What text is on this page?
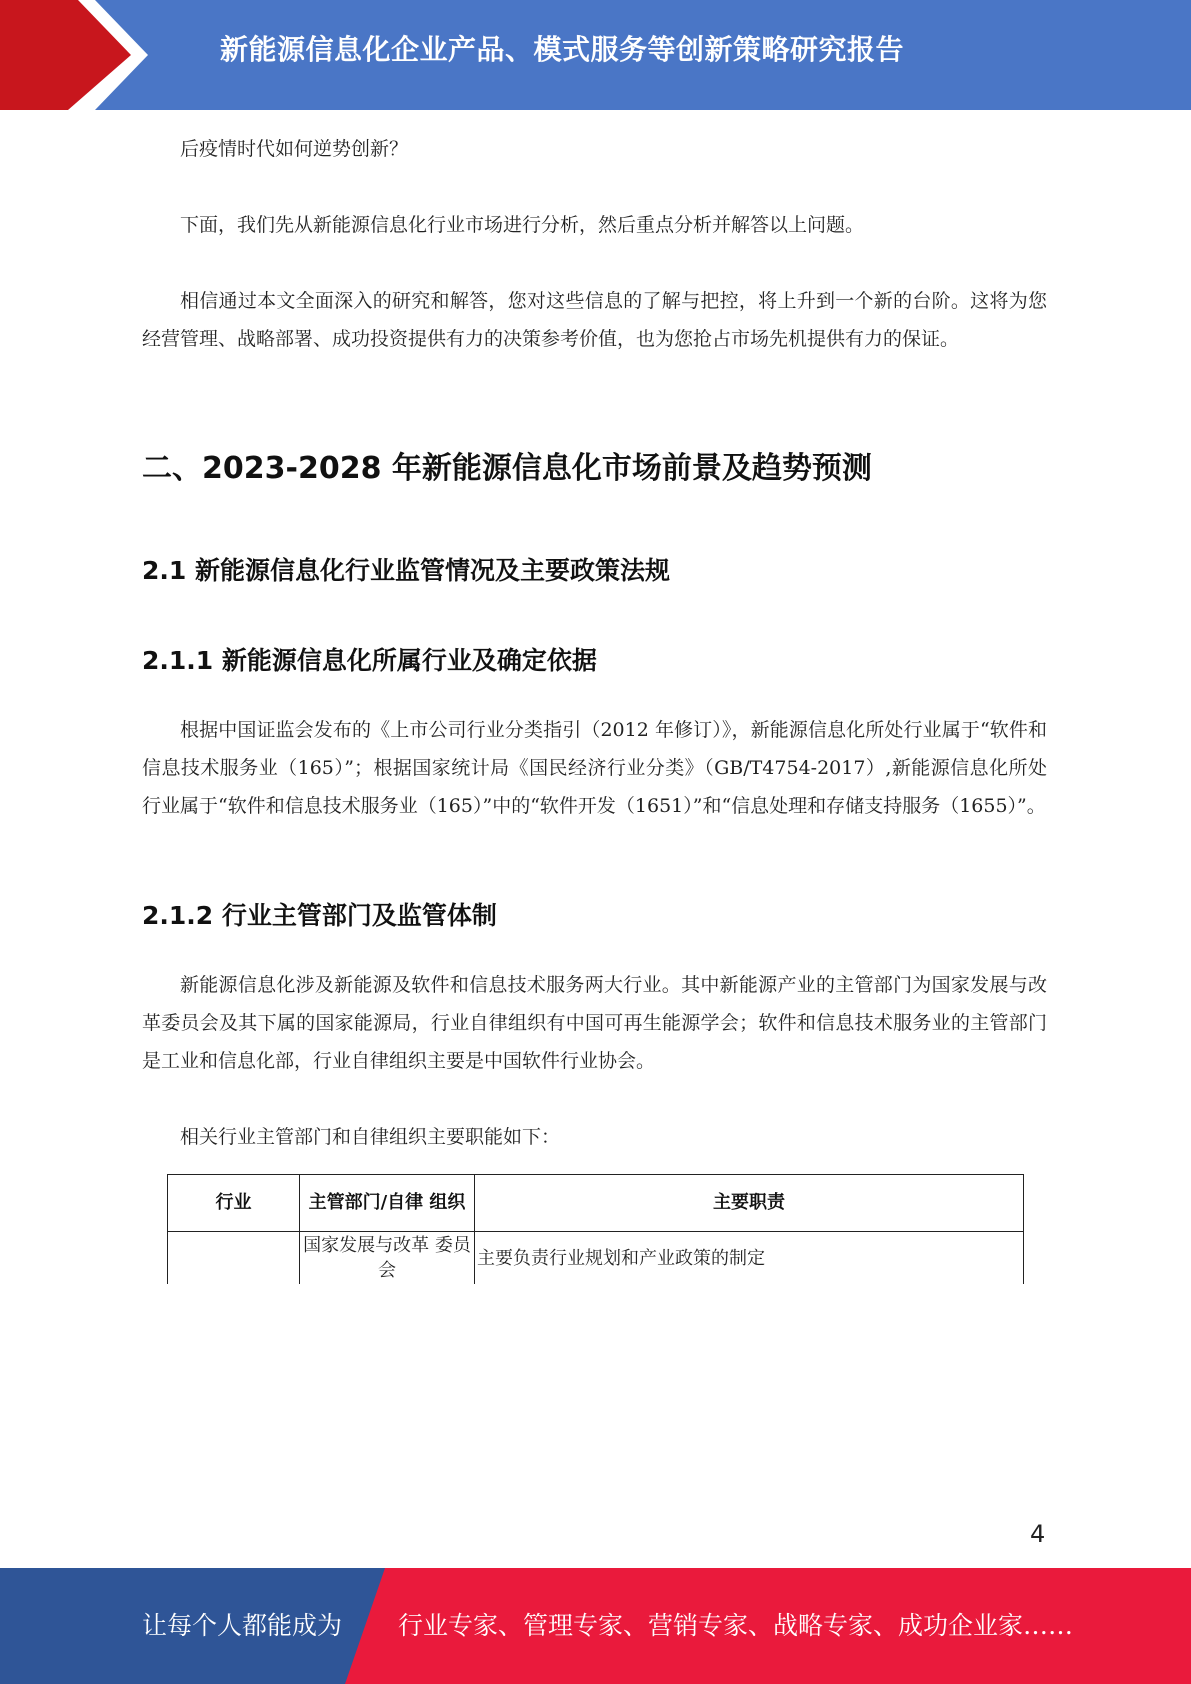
新能源信息化企业产品、模式服务等创新策略研究报告

后疫情时代如何逆势创新？

下面，我们先从新能源信息化行业市场进行分析，然后重点分析并解答以上问题。

相信通过本文全面深入的研究和解答，您对这些信息的了解与把控，将上升到一个新的台阶。这将为您经营管理、战略部署、成功投资提供有力的决策参考价值，也为您抢占市场先机提供有力的保证。

二、2023-2028 年新能源信息化市场前景及趋势预测
2.1 新能源信息化行业监管情况及主要政策法规
2.1.1 新能源信息化所属行业及确定依据

根据中国证监会发布的《上市公司行业分类指引（2012 年修订）》，新能源信息化所处行业属于“软件和信息技术服务业（165）”；根据国家统计局《国民经济行业分类》（GB/T4754-2017）,新能源信息化所处行业属于“软件和信息技术服务业（165）”中的“软件开发（1651）”和“信息处理和存储支持服务（1655）”。

2.1.2 行业主管部门及监管体制

新能源信息化涉及新能源及软件和信息技术服务两大行业。其中新能源产业的主管部门为国家发展与改革委员会及其下属的国家能源局，行业自律组织有中国可再生能源学会；软件和信息技术服务业的主管部门是工业和信息化部，行业自律组织主要是中国软件行业协会。

相关行业主管部门和自律组织主要职能如下：

行业	主管部门/自律 组织	主要职责
	国家发展与改革 委员会	主要负责行业规划和产业政策的制定
4
让每个人都能成为 行业专家、管理专家、营销专家、战略专家、成功企业家……
